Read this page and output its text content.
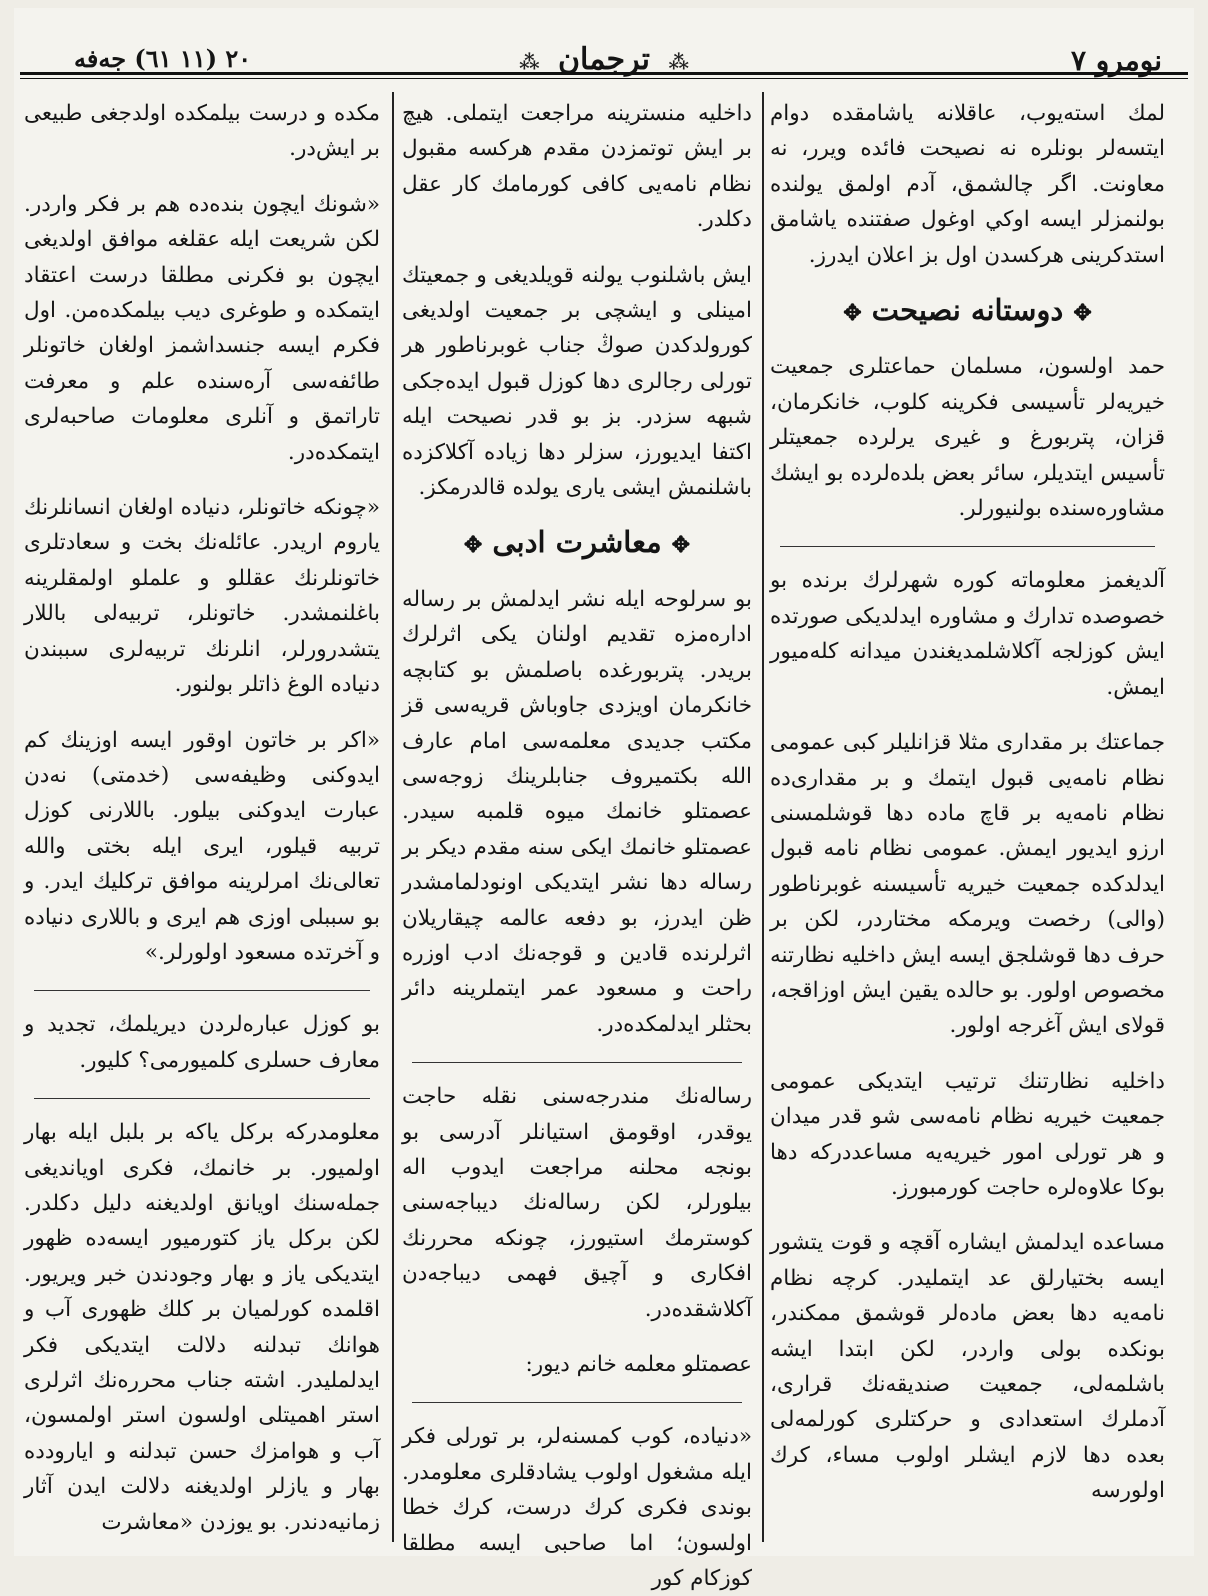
نومرو ٧
⁂ ترجمان ⁂
٢٠ (١١ ٦١) جه‌فه

لمك استه‌يوب، عاقلانه ياشامقده دوام ايتسه‌لر بونلره نه نصيحت فائده ويرر، نه معاونت. اگر چالشمق، آدم اولمق يولنده بولنمزلر ايسه اوكي اوغول صفتنده ياشامق استدكرينى هركسدن اول بز اعلان ايدرز.

✥دوستانه نصيحت✥

حمد اولسون، مسلمان حماعتلرى جمعيت خيريه‌لر تأسيسى فكرينه كلوب، خانكرمان، قزان، پتربورغ و غيرى يرلرده جمعيتلر تأسيس ايتديلر، سائر بعض بلده‌لرده بو ايشك مشاوره‌سنده بولنيورلر.

آلديغمز معلوماته كوره شهرلرك برنده بو خصوصده تدارك و مشاوره ايدلديكى صورتده ايش كوزلجه آكلاشلمديغندن ميدانه كله‌ميور ايمش.

جماعتك بر مقدارى مثلا قزانليلر كبى عمومى نظام نامه‌يى قبول ايتمك و بر مقدارى‌ده نظام نامه‌يه بر قاچ ماده دها قوشلمسنى ارزو ايديور ايمش. عمومى نظام نامه قبول ايدلدكده جمعيت خيريه تأسيسنه غوبرناطور (والى) رخصت ويرمكه مختاردر، لكن بر حرف دها قوشلجق ايسه ايش داخليه نظارتنه مخصوص اولور. بو حالده يقين ايش اوزاقجه، قولاى ايش آغرجه اولور.

داخليه نظارتنك ترتيب ايتديكى عمومى جمعيت خيريه نظام نامه‌سى شو قدر ميدان و هر تورلى امور خيريه‌يه مساعددركه دها بوكا علاوه‌لره حاجت كورمبورز.

مساعده ايدلمش ايشاره آقچه و قوت يتشور ايسه بختيارلق عد ايتمليدر. كرچه نظام نامه‌يه دها بعض ماده‌لر قوشمق ممكندر، بونكده بولى واردر، لكن ابتدا ايشه باشلمه‌لى، جمعيت صنديقه‌نك قرارى، آدملرك استعدادى و حركتلرى كورلمه‌لى بعده دها لازم ايشلر اولوب مساء، كرك اولورسه

داخليه منسترينه مراجعت ايتملى. هيچ بر ايش توتمزدن مقدم هركسه مقبول نظام نامه‌يى كافى كورمامك كار عقل دكلدر.

ايش باشلنوب يولنه قويلديغى و جمعيتك امينلى و ايشچى بر جمعيت اولديغى كورولدكدن صوڭ جناب غوبرناطور هر تورلى رجالرى دها كوزل قبول ايده‌جكى شبهه سزدر. بز بو قدر نصيحت ايله اكتفا ايديورز، سزلر دها زياده آكلاكزده باشلنمش ايشى يارى يولده قالدرمكز.

✥معاشرت ادبى✥

بو سرلوحه ايله نشر ايدلمش بر رساله اداره‌مزه تقديم اولنان يكى اثرلرك بريدر. پتربورغده باصلمش بو كتابچه خانكرمان اويزدى جاوباش قريه‌سى قز مكتب جديدى معلمه‌سى امام عارف الله بكتميروف جنابلرينك زوجه‌سى عصمتلو خانمك ميوه قلمبه سيدر. عصمتلو خانمك ايكى سنه مقدم ديكر بر رساله دها نشر ايتديكى اونودلمامشدر ظن ايدرز، بو دفعه عالمه چيقاريلان اثرلرنده قادين و قوجه‌نك ادب اوزره راحت و مسعود عمر ايتملرينه دائر بحثلر ايدلمكده‌در.

رساله‌نك مندرجه‌سنى نقله حاجت يوقدر، اوقومق استيانلر آدرسى بو بونجه محلنه مراجعت ايدوب اله بيلورلر، لكن رساله‌نك ديباجه‌سنى كوسترمك استيورز، چونكه محررنك افكارى و آچيق فهمى ديباجه‌دن آكلاشقده‌در.

عصمتلو معلمه خانم ديور:

«دنياده، كوب كمسنه‌لر، بر تورلى فكر ايله مشغول اولوب يشادقلرى معلومدر. بوندى فكرى كرك درست، كرك خطا اولسون؛ اما صاحبى ايسه مطلقا كوزكام كور

مكده و درست بيلمكده اولدجغى طبيعى بر ايش‌در.

«شونك ايچون بنده‌ده هم بر فكر واردر. لكن شريعت ايله عقلغه موافق اولديغى ايچون بو فكرنى مطلقا درست اعتقاد ايتمكده و طوغرى ديب بيلمكده‌من. اول فكرم ايسه جنسداشمز اولغان خاتونلر طائفه‌سى آره‌سنده علم و معرفت تاراتمق و آنلرى معلومات صاحبه‌لرى ايتمكده‌در.

«چونكه خاتونلر، دنياده اولغان انسانلرنك ياروم اريدر. عائله‌نك بخت و سعادتلرى خاتونلرنك عقللو و علملو اولمقلرينه باغلنمشدر. خاتونلر، تربيه‌لى باللار يتشدرورلر، انلرنك تربيه‌لرى سببندن دنياده الوغ ذاتلر بولنور.

«اكر بر خاتون اوقور ايسه اوزينك كم ايدوكنى وظيفه‌سى (خدمتى) نه‌دن عبارت ايدوكنى بيلور. باللارنى كوزل تربيه قيلور، ايرى ايله بختى والله تعالى‌نك امرلرينه موافق تركليك ايدر. و بو سببلى اوزى هم ايرى و باللارى دنياده و آخرتده مسعود اولورلر.»

بو كوزل عباره‌لردن ديريلمك، تجديد و معارف حسلرى كلميورمى؟ كليور.

معلومدركه بركل ياكه بر بلبل ايله بهار اولميور. بر خانمك، فكرى اويانديغى جمله‌سنك اويانق اولديغنه دليل دكلدر. لكن بركل ياز كتورميور ايسه‌ده ظهور ايتديكى ياز و بهار وجودندن خبر ويريور. اقلمده كورلميان بر كلك ظهورى آب و هوانك تبدلنه دلالت ايتديكى فكر ايدلمليدر. اشته جناب محرره‌نك اثرلرى استر اهميتلى اولسون استر اولمسون، آب و هوامزك حسن تبدلنه و ايارودده بهار و يازلر اولديغنه دلالت ايدن آثار زمانيه‌دندر. بو يوزدن «معاشرت
